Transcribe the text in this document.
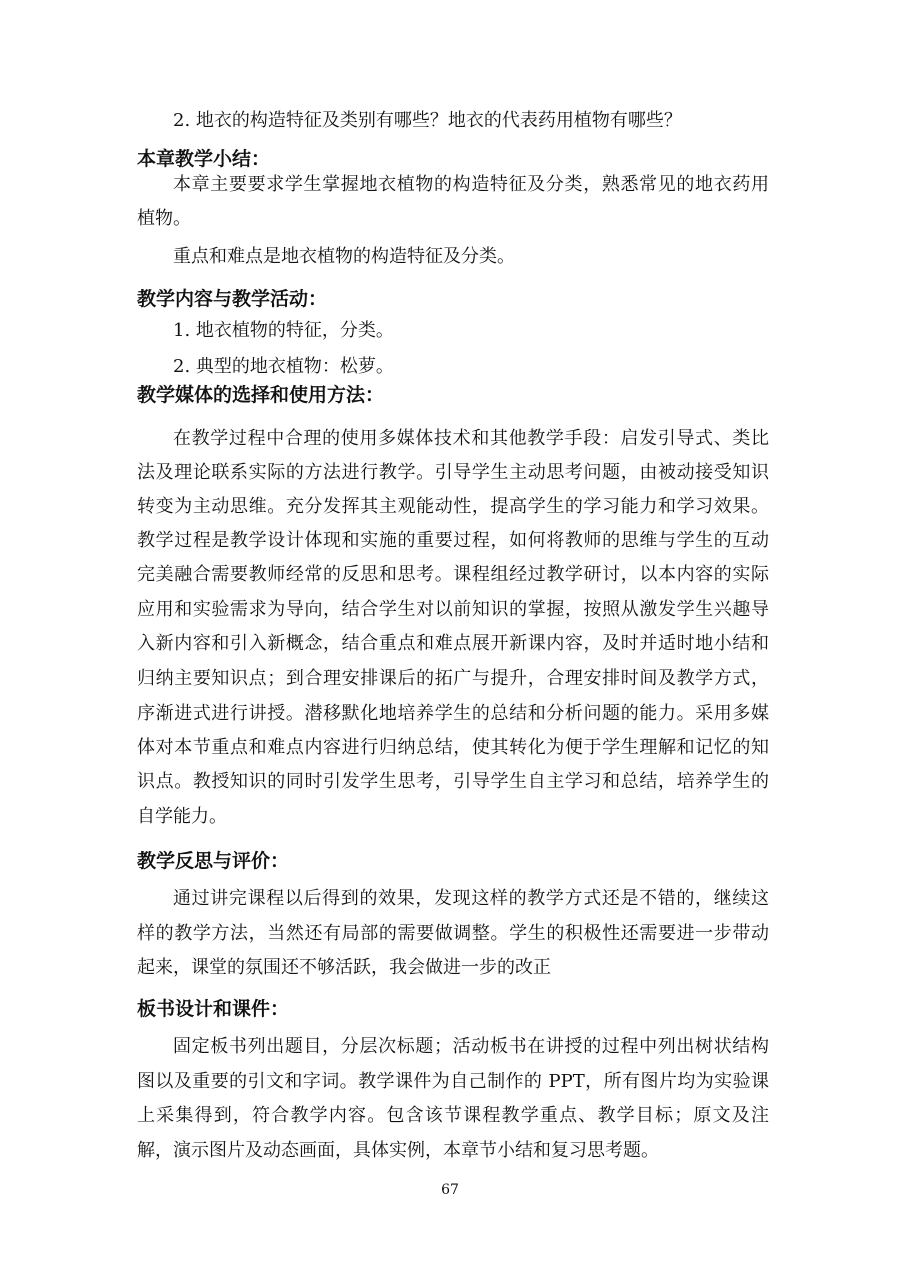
2. 地衣的构造特征及类别有哪些？地衣的代表药用植物有哪些？
本章教学小结：
本章主要要求学生掌握地衣植物的构造特征及分类，熟悉常见的地衣药用
植物。
重点和难点是地衣植物的构造特征及分类。
教学内容与教学活动：
1. 地衣植物的特征，分类。
2. 典型的地衣植物：松萝。
教学媒体的选择和使用方法：
在教学过程中合理的使用多媒体技术和其他教学手段：启发引导式、类比
法及理论联系实际的方法进行教学。引导学生主动思考问题，由被动接受知识
转变为主动思维。充分发挥其主观能动性，提高学生的学习能力和学习效果。
教学过程是教学设计体现和实施的重要过程，如何将教师的思维与学生的互动
完美融合需要教师经常的反思和思考。课程组经过教学研讨，以本内容的实际
应用和实验需求为导向，结合学生对以前知识的掌握，按照从激发学生兴趣导
入新内容和引入新概念，结合重点和难点展开新课内容，及时并适时地小结和
归纳主要知识点；到合理安排课后的拓广与提升，合理安排时间及教学方式，
序渐进式进行讲授。潜移默化地培养学生的总结和分析问题的能力。采用多媒
体对本节重点和难点内容进行归纳总结，使其转化为便于学生理解和记忆的知
识点。教授知识的同时引发学生思考，引导学生自主学习和总结，培养学生的
自学能力。
教学反思与评价：
通过讲完课程以后得到的效果，发现这样的教学方式还是不错的，继续这
样的教学方法，当然还有局部的需要做调整。学生的积极性还需要进一步带动
起来，课堂的氛围还不够活跃，我会做进一步的改正
板书设计和课件：
固定板书列出题目，分层次标题；活动板书在讲授的过程中列出树状结构
图以及重要的引文和字词。教学课件为自己制作的 PPT，所有图片均为实验课
上采集得到，符合教学内容。包含该节课程教学重点、教学目标；原文及注
解，演示图片及动态画面，具体实例，本章节小结和复习思考题。
67
